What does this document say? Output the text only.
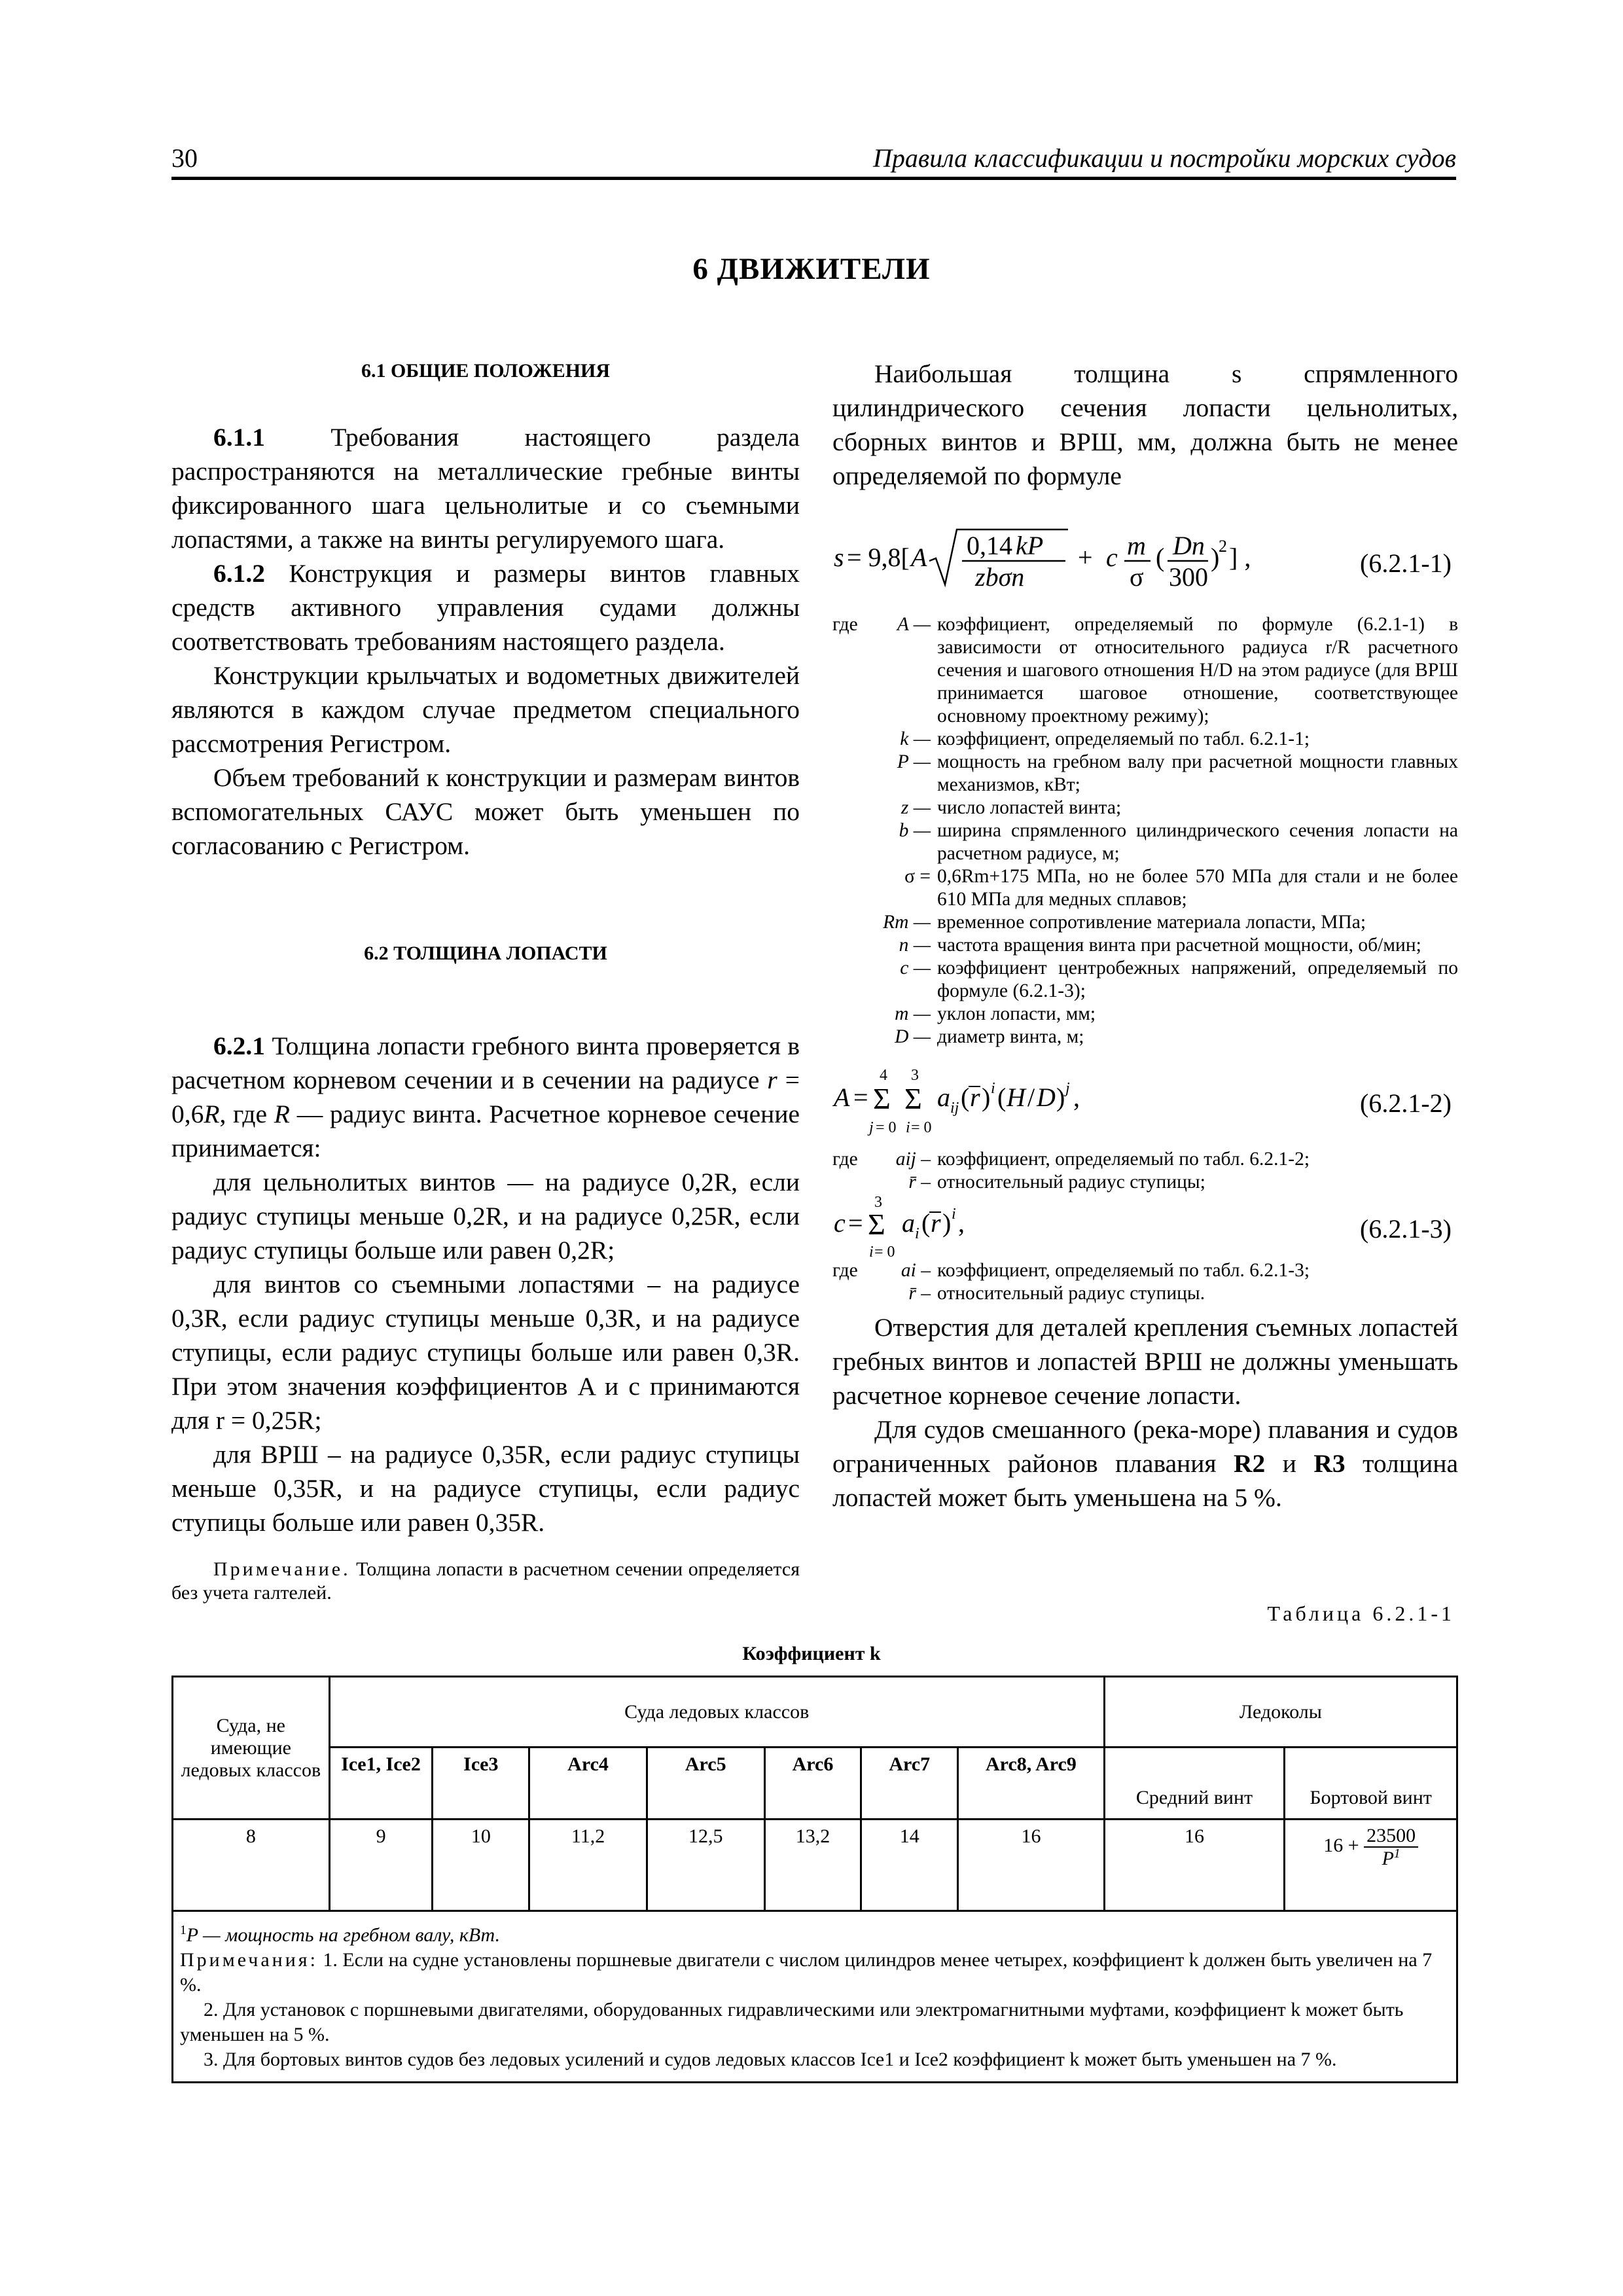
30	Правила классификации и постройки морских судов
6 ДВИЖИТЕЛИ
6.1 ОБЩИЕ ПОЛОЖЕНИЯ

6.1.1 Требования настоящего раздела распространяются на металлические гребные винты фиксированного шага цельнолитые и со съемными лопастями, а также на винты регулируемого шага.

6.1.2 Конструкция и размеры винтов главных средств активного управления судами должны соответствовать требованиям настоящего раздела.

Конструкции крыльчатых и водометных движителей являются в каждом случае предметом специального рассмотрения Регистром.

Объем требований к конструкции и размерам винтов вспомогательных САУС может быть уменьшен по согласованию с Регистром.

6.2 ТОЛЩИНА ЛОПАСТИ

6.2.1 Толщина лопасти гребного винта проверяется в расчетном корневом сечении и в сечении на радиусе r = 0,6R, где R — радиус винта. Расчетное корневое сечение принимается:

для цельнолитых винтов — на радиусе 0,2R, если радиус ступицы меньше 0,2R, и на радиусе 0,25R, если радиус ступицы больше или равен 0,2R;

для винтов со съемными лопастями – на радиусе 0,3R, если радиус ступицы меньше 0,3R, и на радиусе ступицы, если радиус ступицы больше или равен 0,3R. При этом значения коэффициентов A и c принимаются для r = 0,25R;

для ВРШ – на радиусе 0,35R, если радиус ступицы меньше 0,35R, и на радиусе ступицы, если радиус ступицы больше или равен 0,35R.

Примечание. Толщина лопасти в расчетном сечении определяется без учета галтелей.

Наибольшая толщина s спрямленного цилиндрического сечения лопасти цельнолитых, сборных винтов и ВРШ, мм, должна быть не менее определяемой по формуле

s = 9,8[ A 0,14 kP
zbσn
+ c m
σ
( Dn
300
)
2 ] ,	(6.2.1-1)
где A — коэффициент, определяемый по формуле (6.2.1-1) в зависимости от относительного радиуса r/R расчетного сечения и шагового отношения H/D на этом радиусе (для ВРШ принимается шаговое отношение, соответствующее основному проектному режиму);
k — коэффициент, определяемый по табл. 6.2.1-1;
P — мощность на гребном валу при расчетной мощности главных механизмов, кВт;
z — число лопастей винта;
b — ширина спрямленного цилиндрического сечения лопасти на расчетном радиусе, м;
σ = 0,6Rm+175 МПа, но не более 570 МПа для стали и не более 610 МПа для медных сплавов;
Rm — временное сопротивление материала лопасти, МПа;
n — частота вращения винта при расчетной мощности, об/мин;
c — коэффициент центробежных напряжений, определяемый по формуле (6.2.1-3);
m — уклон лопасти, мм;
D — диаметр винта, м;
A =
4
Σ
j = 0
3
Σ
i = 0
a ij ( r ) i ( H / D ) j ,	(6.2.1-2)
где aij – коэффициент, определяемый по табл. 6.2.1-2;
r̄ – относительный радиус ступицы;
c =
3
Σ
i = 0
a i ( r ) i ,	(6.2.1-3)
где ai – коэффициент, определяемый по табл. 6.2.1-3;
r̄ – относительный радиус ступицы.

Отверстия для деталей крепления съемных лопастей гребных винтов и лопастей ВРШ не должны уменьшать расчетное корневое сечение лопасти.

Для судов смешанного (река-море) плавания и судов ограниченных районов плавания R2 и R3 толщина лопастей может быть уменьшена на 5 %.

Таблица 6.2.1-1
Коэффициент k
Суда, не имеющие ледовых классов	Суда ледовых классов							Ледоколы	
	Ice1, Ice2	Ice3	Arc4	Arc5	Arc6	Arc7	Arc8, Arc9	Средний винт	Бортовой винт
8	9	10	11,2	12,5	13,2	14	16	16	$16 + \frac{23500}{P^1}$

$^1$P — мощность на гребном валу, кВт.
Примечания: 1. Если на судне установлены поршневые двигатели с числом цилиндров менее четырех, коэффициент k должен быть увеличен на 7 %.
2. Для установок с поршневыми двигателями, оборудованных гидравлическими или электромагнитными муфтами, коэффициент k может быть уменьшен на 5 %.
3. Для бортовых винтов судов без ледовых усилений и судов ледовых классов Ice1 и Ice2 коэффициент k может быть уменьшен на 7 %.									
